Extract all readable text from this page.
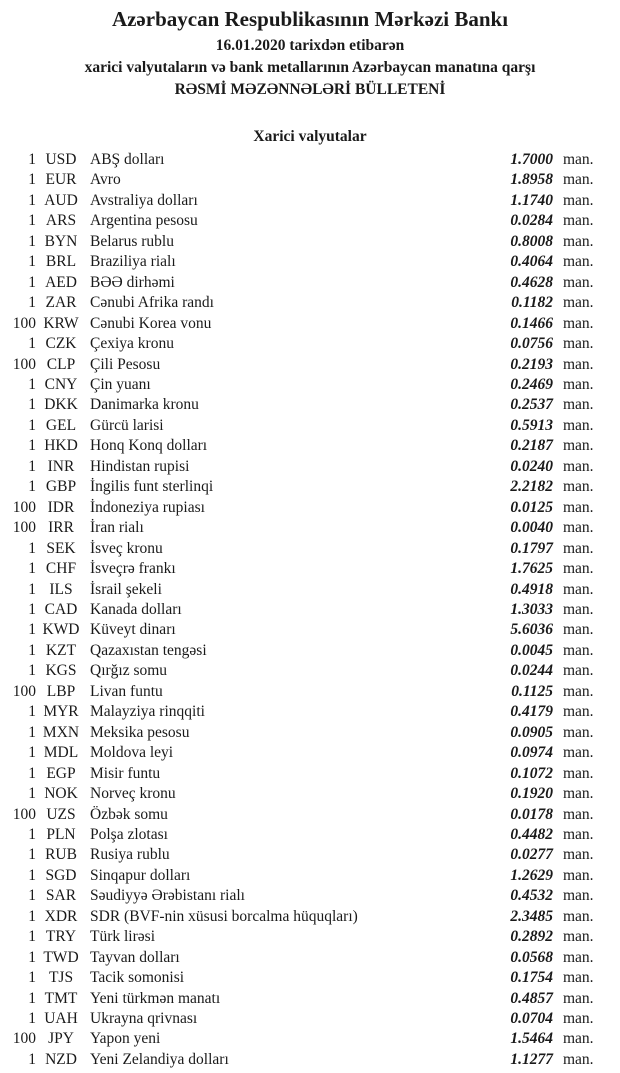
Azərbaycan Respublikasının Mərkəzi Bankı
16.01.2020 tarixdən etibarən
xarici valyutaların və bank metallarının Azərbaycan manatına qarşı
RƏSMİ MƏZƏNNƏLƏRİ BÜLLETENİ
Xarici valyutalar
1 USD ABŞ dolları	1.7000 man.
1 EUR Avro	1.8958 man.
1 AUD Avstraliya dolları	1.1740 man.
1 ARS Argentina pesosu	0.0284 man.
1 BYN Belarus rublu	0.8008 man.
1 BRL Braziliya rialı	0.4064 man.
1 AED BƏƏ dirhəmi	0.4628 man.
1 ZAR Cənubi Afrika randı	0.1182 man.
100 KRW Cənubi Korea vonu	0.1466 man.
1 CZK Çexiya kronu	0.0756 man.
100 CLP Çili Pesosu	0.2193 man.
1 CNY Çin yuanı	0.2469 man.
1 DKK Danimarka kronu	0.2537 man.
1 GEL Gürcü larisi	0.5913 man.
1 HKD Honq Konq dolları	0.2187 man.
1 INR	Hindistan rupisi	0.0240 man.
1 GBP İngilis funt sterlinqi	2.2182 man.
100 IDR	İndoneziya rupiası	0.0125 man.
100 IRR	İran rialı	0.0040 man.
1 SEK İsveç kronu	0.1797 man.
1 CHF İsveçrə frankı	1.7625 man.
1 ILS	İsrail şekeli	0.4918 man.
1 CAD Kanada dolları	1.3033 man.
1 KWD Küveyt dinarı	5.6036 man.
1 KZT Qazaxıstan tengəsi	0.0045 man.
1 KGS Qırğız somu	0.0244 man.
100 LBP Livan funtu	0.1125 man.
1 MYR Malayziya rinqqiti	0.4179 man.
1 MXN Meksika pesosu	0.0905 man.
1 MDL Moldova leyi	0.0974 man.
1 EGP Misir funtu	0.1072 man.
1 NOK Norveç kronu	0.1920 man.
100 UZS Özbək somu	0.0178 man.
1 PLN Polşa zlotası	0.4482 man.
1 RUB Rusiya rublu	0.0277 man.
1 SGD Sinqapur dolları	1.2629 man.
1 SAR Səudiyyə Ərəbistanı rialı	0.4532 man.
1 XDR SDR (BVF-nin xüsusi borcalma hüquqları)	2.3485 man.
1 TRY Türk lirəsi	0.2892 man.
1 TWD Tayvan dolları	0.0568 man.
1 TJS	Tacik somonisi	0.1754 man.
1 TMT Yeni türkmən manatı	0.4857 man.
1 UAH Ukrayna qrivnası	0.0704 man.
100 JPY	Yapon yeni	1.5464 man.
1 NZD Yeni Zelandiya dolları	1.1277 man.
